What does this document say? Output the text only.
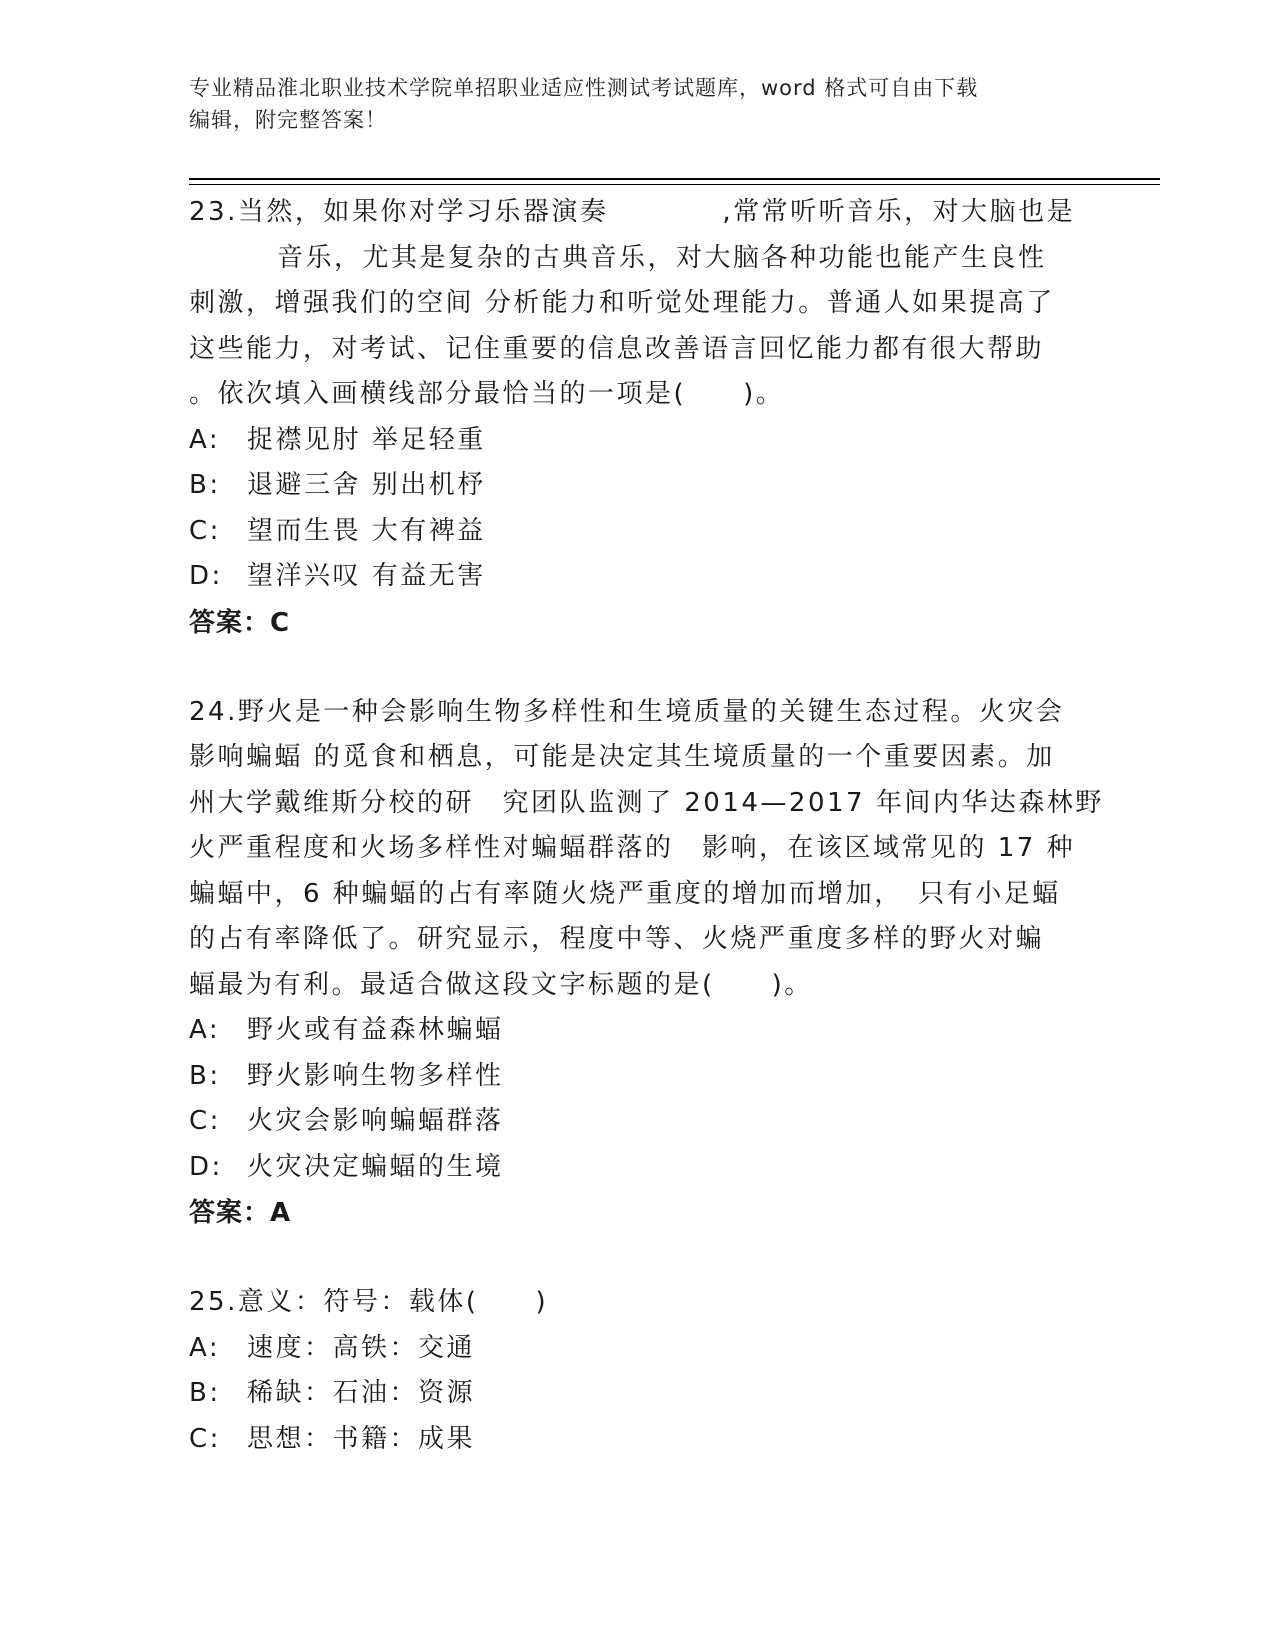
专业精品淮北职业技术学院单招职业适应性测试考试题库，word 格式可自由下载
编辑，附完整答案！
23.当然，如果你对学习乐器演奏　　　　,常常听听音乐，对大脑也是
音乐，尤其是复杂的古典音乐，对大脑各种功能也能产生良性
刺激，增强我们的空间 分析能力和听觉处理能力。普通人如果提高了
这些能力，对考试、记住重要的信息改善语言回忆能力都有很大帮助
。依次填入画横线部分最恰当的一项是(　　)。
A: 捉襟见肘 举足轻重
B: 退避三舍 别出机杼
C: 望而生畏 大有裨益
D: 望洋兴叹 有益无害
答案：C
24.野火是一种会影响生物多样性和生境质量的关键生态过程。火灾会
影响蝙蝠 的觅食和栖息，可能是决定其生境质量的一个重要因素。加
州大学戴维斯分校的研　究团队监测了 2014—2017 年间内华达森林野
火严重程度和火场多样性对蝙蝠群落的　影响，在该区域常见的 17 种
蝙蝠中，6 种蝙蝠的占有率随火烧严重度的增加而增加，　只有小足蝠
的占有率降低了。研究显示，程度中等、火烧严重度多样的野火对蝙
蝠最为有利。最适合做这段文字标题的是(　　)。
A: 野火或有益森林蝙蝠
B: 野火影响生物多样性
C: 火灾会影响蝙蝠群落
D: 火灾决定蝙蝠的生境
答案：A
25.意义：符号：载体(　　)
A: 速度：高铁：交通
B: 稀缺：石油：资源
C: 思想：书籍：成果
